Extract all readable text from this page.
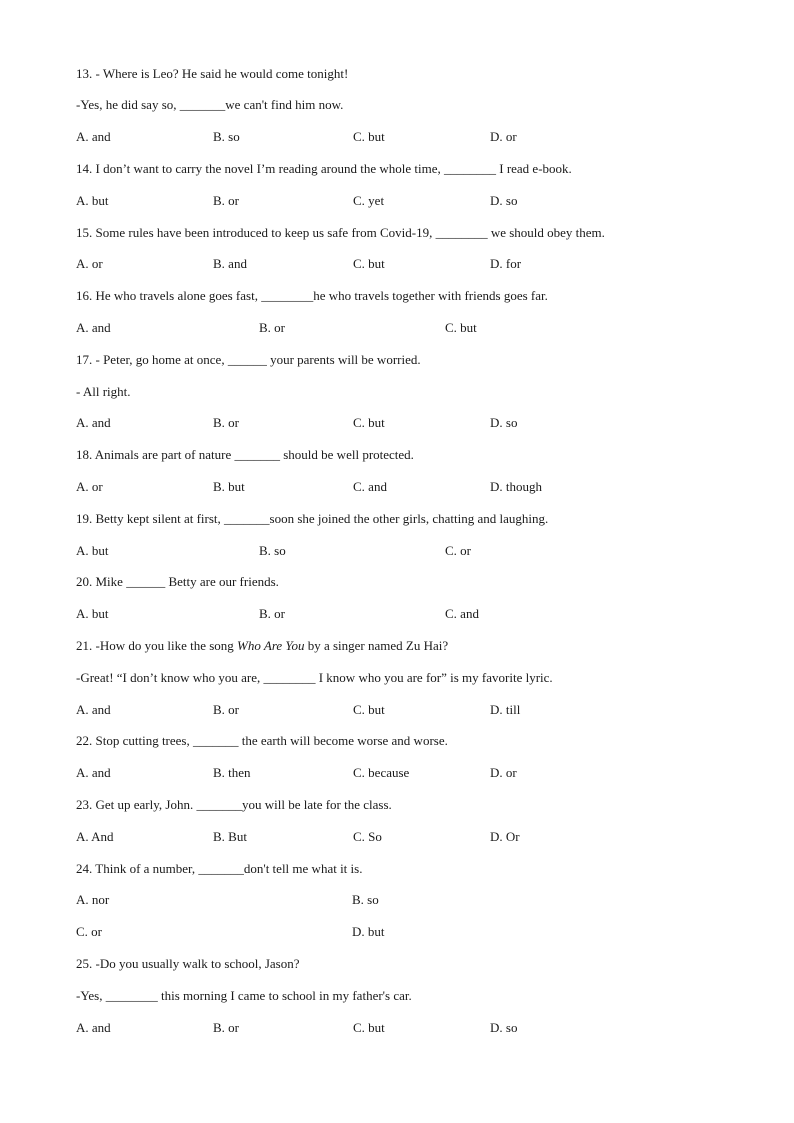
13. - Where is Leo? He said he would come tonight!
-Yes, he did say so, _______we can't find him now.
A. and	B. so	C. but	D. or
14. I don’t want to carry the novel I’m reading around the whole time, ________ I read e-book.
A. but	B. or	C. yet	D. so
15. Some rules have been introduced to keep us safe from Covid-19, ________ we should obey them.
A. or	B. and	C. but	D. for
16. He who travels alone goes fast, ________he who travels together with friends goes far.
A. and	B. or	C. but
17. - Peter, go home at once, ______ your parents will be worried.
- All right.
A. and	B. or	C. but	D. so
18. Animals are part of nature _______ should be well protected.
A. or	B. but	C. and	D. though
19. Betty kept silent at first, _______soon she joined the other girls, chatting and laughing.
A. but	B. so	C. or
20. Mike ______ Betty are our friends.
A. but	B. or	C. and
21. -How do you like the song Who Are You by a singer named Zu Hai?
-Great! “I don’t know who you are, ________ I know who you are for” is my favorite lyric.
A. and	B. or	C. but	D. till
22. Stop cutting trees, _______ the earth will become worse and worse.
A. and	B. then	C. because	D. or
23. Get up early, John. _______you will be late for the class.
A. And	B. But	C. So	D. Or
24. Think of a number, _______don't tell me what it is.
A. nor	B. so
C. or	D. but
25. -Do you usually walk to school, Jason?
-Yes, ________ this morning I came to school in my father's car.
A. and	B. or	C. but	D. so
